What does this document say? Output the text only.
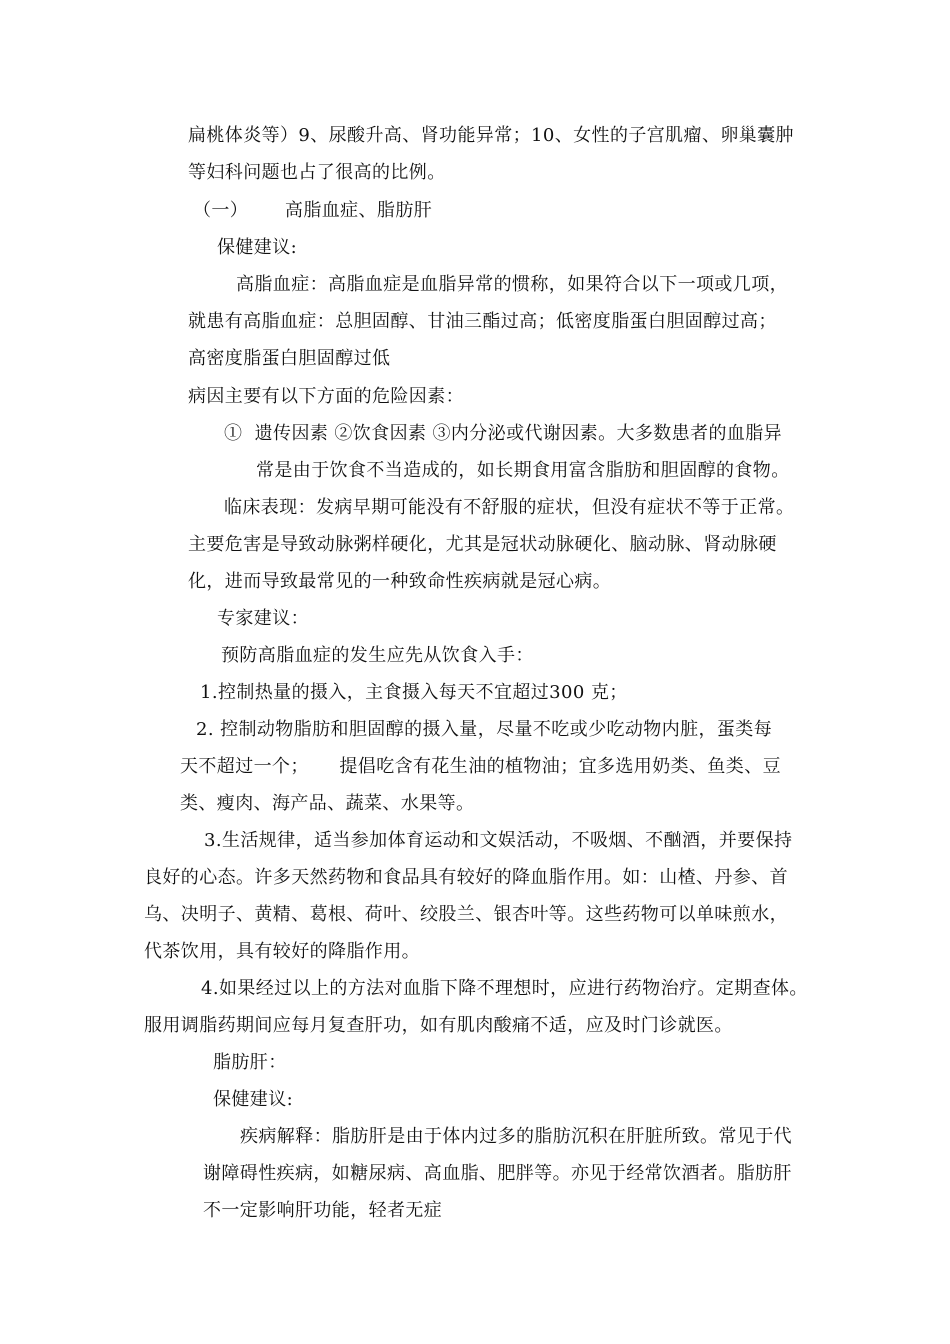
扁桃体炎等）9、尿酸升高、肾功能异常；10、女性的子宫肌瘤、卵巢囊肿

等妇科问题也占了很高的比例。

（一）      高脂血症、脂肪肝

保健建议:

高脂血症：高脂血症是血脂异常的惯称，如果符合以下一项或几项，

就患有高脂血症：总胆固醇、甘油三酯过高；低密度脂蛋白胆固醇过高；

高密度脂蛋白胆固醇过低

病因主要有以下方面的危险因素：

①  遗传因素 ②饮食因素 ③内分泌或代谢因素。大多数患者的血脂异

常是由于饮食不当造成的，如长期食用富含脂肪和胆固醇的食物。

临床表现：发病早期可能没有不舒服的症状，但没有症状不等于正常。

主要危害是导致动脉粥样硬化，尤其是冠状动脉硬化、脑动脉、肾动脉硬

化，进而导致最常见的一种致命性疾病就是冠心病。

专家建议：

预防高脂血症的发生应先从饮食入手：

1.控制热量的摄入，主食摄入每天不宜超过300 克；

2. 控制动物脂肪和胆固醇的摄入量，尽量不吃或少吃动物内脏，蛋类每

天不超过一个；     提倡吃含有花生油的植物油；宜多选用奶类、鱼类、豆

类、瘦肉、海产品、蔬菜、水果等。

3.生活规律，适当参加体育运动和文娱活动，不吸烟、不酗酒，并要保持

良好的心态。许多天然药物和食品具有较好的降血脂作用。如：山楂、丹参、首

乌、决明子、黄精、葛根、荷叶、绞股兰、银杏叶等。这些药物可以单味煎水，

代茶饮用，具有较好的降脂作用。

4.如果经过以上的方法对血脂下降不理想时，应进行药物治疗。定期查体。

服用调脂药期间应每月复查肝功，如有肌肉酸痛不适，应及时门诊就医。

脂肪肝：

保健建议:

疾病解释：脂肪肝是由于体内过多的脂肪沉积在肝脏所致。常见于代

谢障碍性疾病，如糖尿病、高血脂、肥胖等。亦见于经常饮酒者。脂肪肝

不一定影响肝功能，轻者无症
